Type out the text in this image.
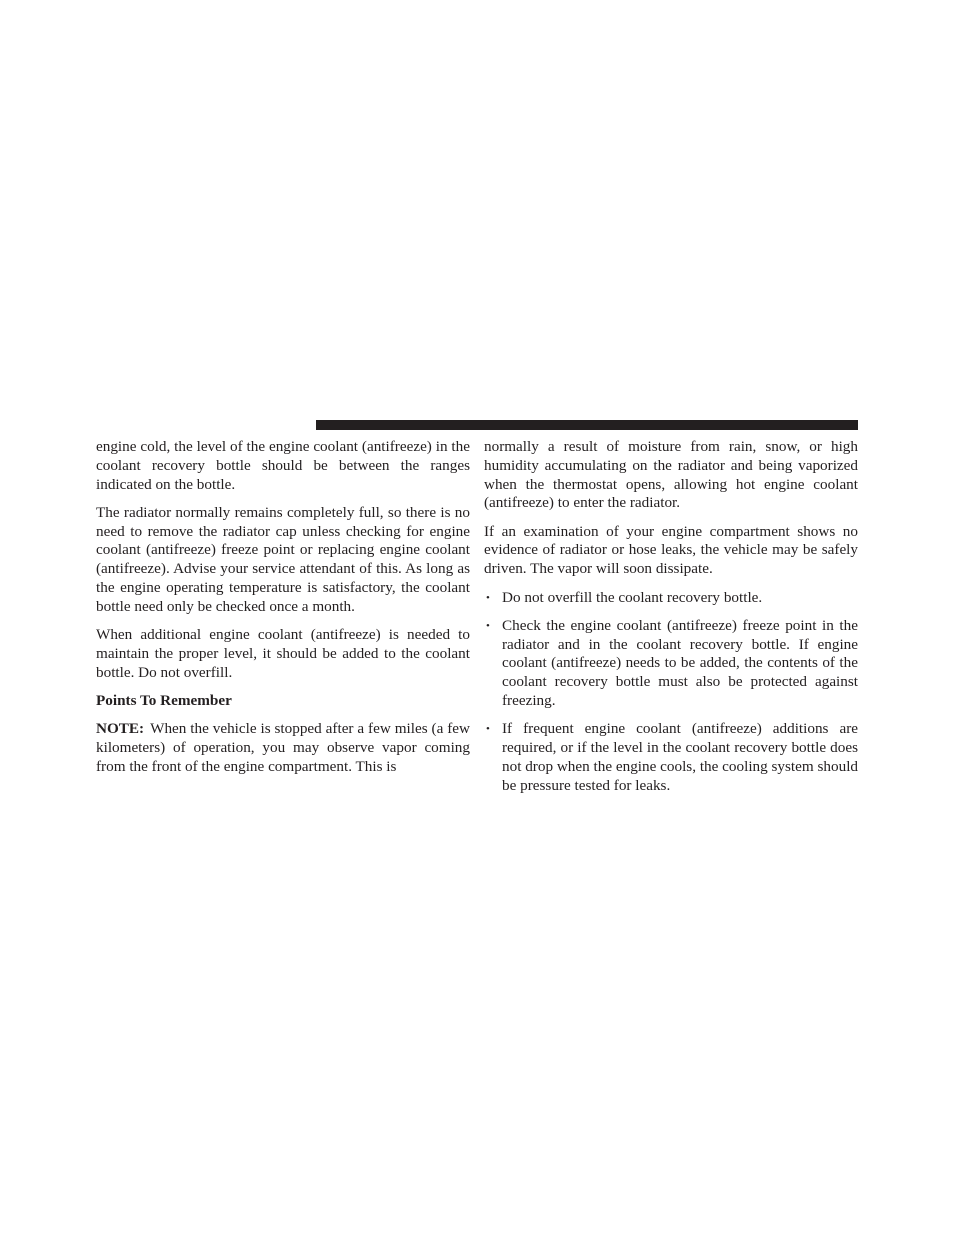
engine cold, the level of the engine coolant (antifreeze) in the coolant recovery bottle should be between the ranges indicated on the bottle.

The radiator normally remains completely full, so there is no need to remove the radiator cap unless checking for engine coolant (antifreeze) freeze point or replacing engine coolant (antifreeze). Advise your service attendant of this. As long as the engine operating temperature is satisfactory, the coolant bottle need only be checked once a month.

When additional engine coolant (antifreeze) is needed to maintain the proper level, it should be added to the coolant bottle. Do not overfill.

Points To Remember

NOTE: When the vehicle is stopped after a few miles (a few kilometers) of operation, you may observe vapor coming from the front of the engine compartment. This is

normally a result of moisture from rain, snow, or high humidity accumulating on the radiator and being vaporized when the thermostat opens, allowing hot engine coolant (antifreeze) to enter the radiator.

If an examination of your engine compartment shows no evidence of radiator or hose leaks, the vehicle may be safely driven. The vapor will soon dissipate.

• Do not overfill the coolant recovery bottle.
• Check the engine coolant (antifreeze) freeze point in the radiator and in the coolant recovery bottle. If engine coolant (antifreeze) needs to be added, the contents of the coolant recovery bottle must also be protected against freezing.
• If frequent engine coolant (antifreeze) additions are required, or if the level in the coolant recovery bottle does not drop when the engine cools, the cooling system should be pressure tested for leaks.
